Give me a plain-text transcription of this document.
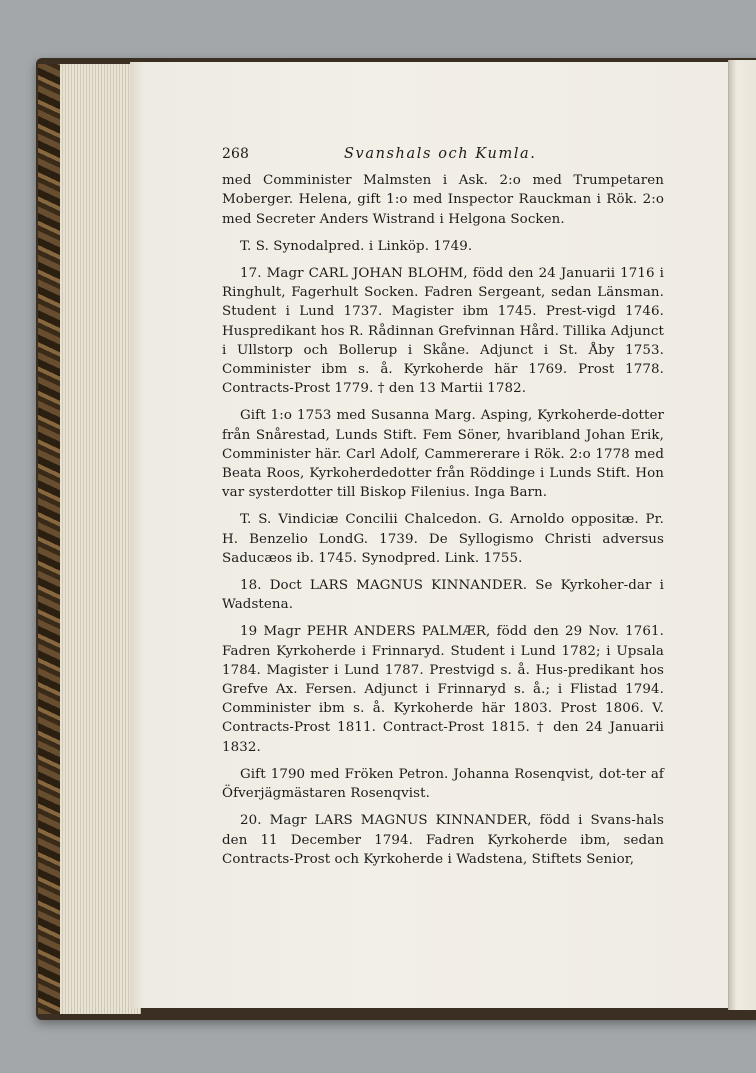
268	Svanshals och Kumla.

med Comminister Malmsten i Ask. 2:o med Trumpetaren Moberger. Helena, gift 1:o med Inspector Rauckman i Rök. 2:o med Secreter Anders Wistrand i Helgona Socken.

T. S. Synodalpred. i Linköp. 1749.

17. Magr CARL JOHAN BLOHM, född den 24 Januarii 1716 i Ringhult, Fagerhult Socken. Fadren Sergeant, sedan Länsman. Student i Lund 1737. Magister ibm 1745. Prest-vigd 1746. Huspredikant hos R. Rådinnan Grefvinnan Hård. Tillika Adjunct i Ullstorp och Bollerup i Skåne. Adjunct i St. Åby 1753. Comminister ibm s. å. Kyrkoherde här 1769. Prost 1778. Contracts-Prost 1779. † den 13 Martii 1782.

Gift 1:o 1753 med Susanna Marg. Asping, Kyrkoherde-dotter från Snårestad, Lunds Stift. Fem Söner, hvaribland Johan Erik, Comminister här. Carl Adolf, Cammererare i Rök. 2:o 1778 med Beata Roos, Kyrkoherdedotter från Röddinge i Lunds Stift. Hon var systerdotter till Biskop Filenius. Inga Barn.

T. S. Vindiciæ Concilii Chalcedon. G. Arnoldo oppositæ. Pr. H. Benzelio LondG. 1739. De Syllogismo Christi adversus Saducæos ib. 1745. Synodpred. Link. 1755.

18. Doct LARS MAGNUS KINNANDER. Se Kyrkoher-dar i Wadstena.

19 Magr PEHR ANDERS PALMÆR, född den 29 Nov. 1761. Fadren Kyrkoherde i Frinnaryd. Student i Lund 1782; i Upsala 1784. Magister i Lund 1787. Prestvigd s. å. Hus-predikant hos Grefve Ax. Fersen. Adjunct i Frinnaryd s. å.; i Flistad 1794. Comminister ibm s. å. Kyrkoherde här 1803. Prost 1806. V. Contracts-Prost 1811. Contract-Prost 1815. † den 24 Januarii 1832.

Gift 1790 med Fröken Petron. Johanna Rosenqvist, dot-ter af Öfverjägmästaren Rosenqvist.

20. Magr LARS MAGNUS KINNANDER, född i Svans-hals den 11 December 1794. Fadren Kyrkoherde ibm, sedan Contracts-Prost och Kyrkoherde i Wadstena, Stiftets Senior,
